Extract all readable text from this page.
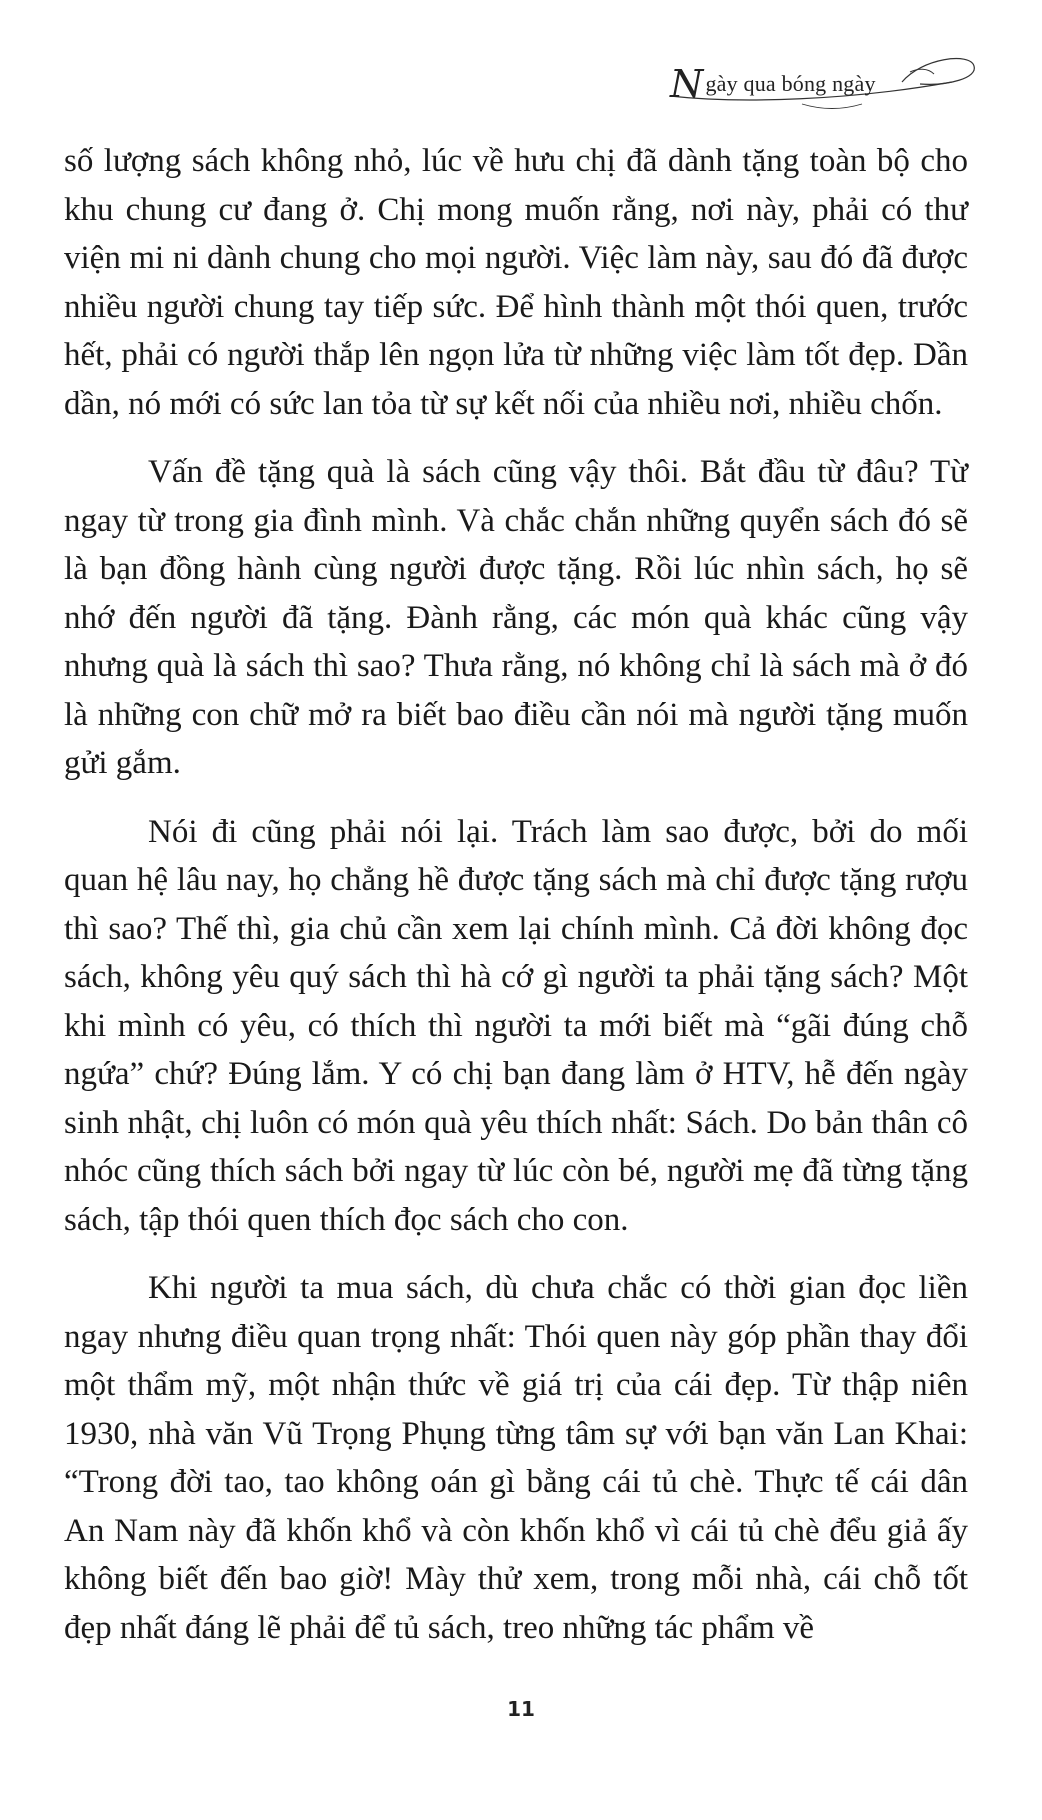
Ngày qua bóng ngày

số lượng sách không nhỏ, lúc về hưu chị đã dành tặng toàn bộ cho khu chung cư đang ở. Chị mong muốn rằng, nơi này, phải có thư viện mi ni dành chung cho mọi người. Việc làm này, sau đó đã được nhiều người chung tay tiếp sức. Để hình thành một thói quen, trước hết, phải có người thắp lên ngọn lửa từ những việc làm tốt đẹp. Dần dần, nó mới có sức lan tỏa từ sự kết nối của nhiều nơi, nhiều chốn.

Vấn đề tặng quà là sách cũng vậy thôi. Bắt đầu từ đâu? Từ ngay từ trong gia đình mình. Và chắc chắn những quyển sách đó sẽ là bạn đồng hành cùng người được tặng. Rồi lúc nhìn sách, họ sẽ nhớ đến người đã tặng. Đành rằng, các món quà khác cũng vậy nhưng quà là sách thì sao? Thưa rằng, nó không chỉ là sách mà ở đó là những con chữ mở ra biết bao điều cần nói mà người tặng muốn gửi gắm.

Nói đi cũng phải nói lại. Trách làm sao được, bởi do mối quan hệ lâu nay, họ chẳng hề được tặng sách mà chỉ được tặng rượu thì sao? Thế thì, gia chủ cần xem lại chính mình. Cả đời không đọc sách, không yêu quý sách thì hà cớ gì người ta phải tặng sách? Một khi mình có yêu, có thích thì người ta mới biết mà “gãi đúng chỗ ngứa” chứ? Đúng lắm. Y có chị bạn đang làm ở HTV, hễ đến ngày sinh nhật, chị luôn có món quà yêu thích nhất: Sách. Do bản thân cô nhóc cũng thích sách bởi ngay từ lúc còn bé, người mẹ đã từng tặng sách, tập thói quen thích đọc sách cho con.

Khi người ta mua sách, dù chưa chắc có thời gian đọc liền ngay nhưng điều quan trọng nhất: Thói quen này góp phần thay đổi một thẩm mỹ, một nhận thức về giá trị của cái đẹp. Từ thập niên 1930, nhà văn Vũ Trọng Phụng từng tâm sự với bạn văn Lan Khai: “Trong đời tao, tao không oán gì bằng cái tủ chè. Thực tế cái dân An Nam này đã khốn khổ và còn khốn khổ vì cái tủ chè đểu giả ấy không biết đến bao giờ! Mày thử xem, trong mỗi nhà, cái chỗ tốt đẹp nhất đáng lẽ phải để tủ sách, treo những tác phẩm về

11
